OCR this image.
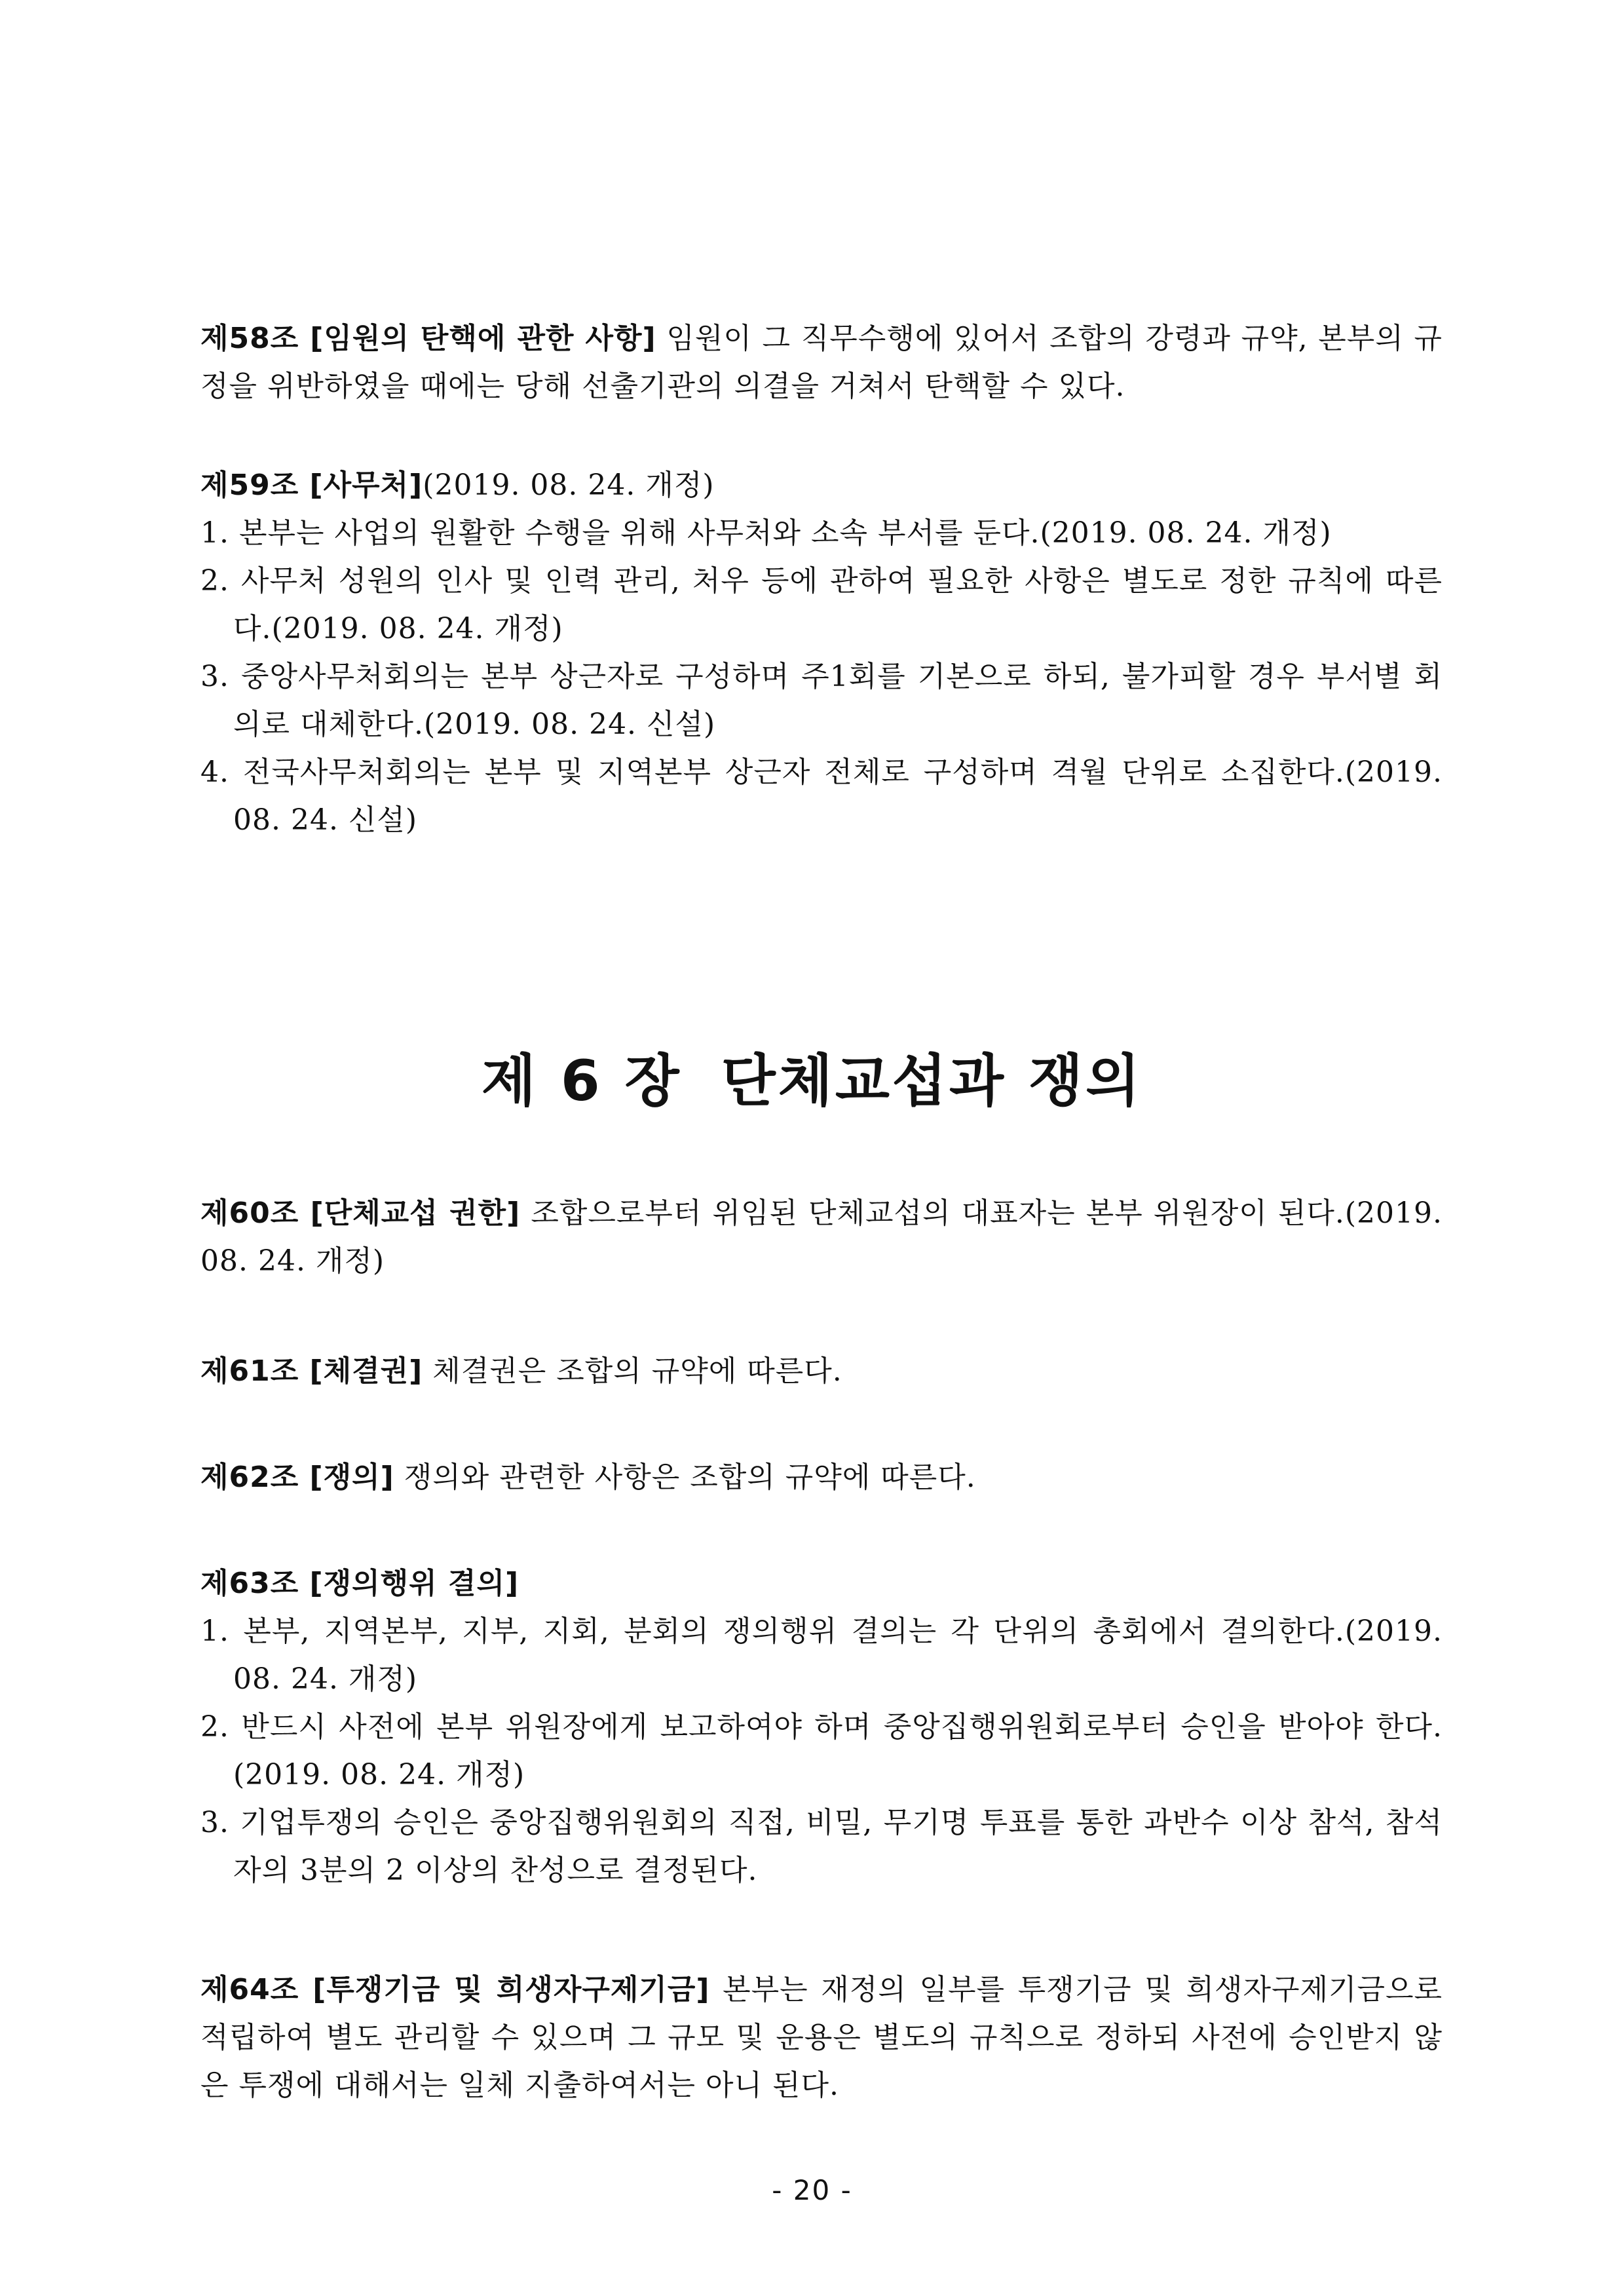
제58조 [임원의 탄핵에 관한 사항] 임원이 그 직무수행에 있어서 조합의 강령과 규약, 본부의 규정을 위반하였을 때에는 당해 선출기관의 의결을 거쳐서 탄핵할 수 있다.
제59조 [사무처](2019. 08. 24. 개정)
1. 본부는 사업의 원활한 수행을 위해 사무처와 소속 부서를 둔다.(2019. 08. 24. 개정)
2. 사무처 성원의 인사 및 인력 관리, 처우 등에 관하여 필요한 사항은 별도로 정한 규칙에 따른다.(2019. 08. 24. 개정)
3. 중앙사무처회의는 본부 상근자로 구성하며 주1회를 기본으로 하되, 불가피할 경우 부서별 회의로 대체한다.(2019. 08. 24. 신설)
4. 전국사무처회의는 본부 및 지역본부 상근자 전체로 구성하며 격월 단위로 소집한다.(2019. 08. 24. 신설)
제 6 장 단체교섭과 쟁의
제60조 [단체교섭 권한] 조합으로부터 위임된 단체교섭의 대표자는 본부 위원장이 된다.(2019. 08. 24. 개정)
제61조 [체결권] 체결권은 조합의 규약에 따른다.
제62조 [쟁의] 쟁의와 관련한 사항은 조합의 규약에 따른다.
제63조 [쟁의행위 결의]
1. 본부, 지역본부, 지부, 지회, 분회의 쟁의행위 결의는 각 단위의 총회에서 결의한다.(2019. 08. 24. 개정)
2. 반드시 사전에 본부 위원장에게 보고하여야 하며 중앙집행위원회로부터 승인을 받아야 한다.(2019. 08. 24. 개정)
3. 기업투쟁의 승인은 중앙집행위원회의 직접, 비밀, 무기명 투표를 통한 과반수 이상 참석, 참석자의 3분의 2 이상의 찬성으로 결정된다.
제64조 [투쟁기금 및 희생자구제기금] 본부는 재정의 일부를 투쟁기금 및 희생자구제기금으로 적립하여 별도 관리할 수 있으며 그 규모 및 운용은 별도의 규칙으로 정하되 사전에 승인받지 않은 투쟁에 대해서는 일체 지출하여서는 아니 된다.
- 20 -
